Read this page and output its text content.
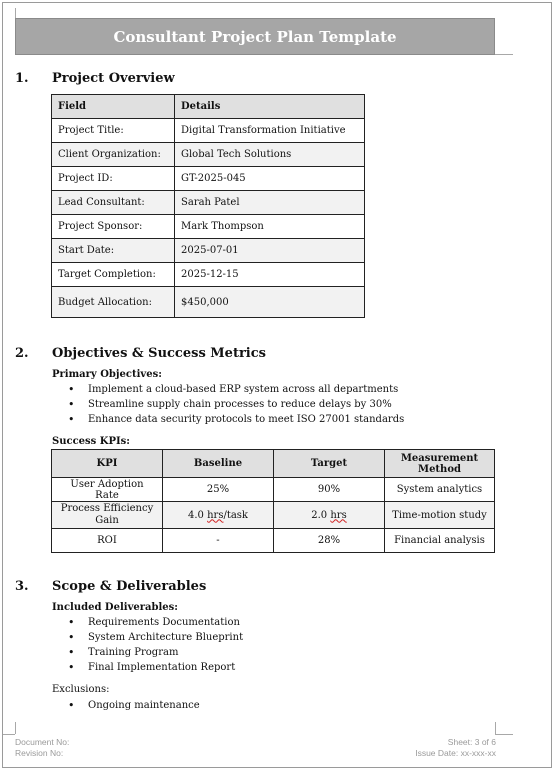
Consultant Project Plan Template
1. Project Overview
Field	Details
Project Title:	Digital Transformation Initiative
Client Organization:	Global Tech Solutions
Project ID:	GT-2025-045
Lead Consultant:	Sarah Patel
Project Sponsor:	Mark Thompson
Start Date:	2025-07-01
Target Completion:	2025-12-15
Budget Allocation:	$450,000
2. Objectives & Success Metrics
Primary Objectives:
• Implement a cloud-based ERP system across all departments
• Streamline supply chain processes to reduce delays by 30%
• Enhance data security protocols to meet ISO 27001 standards
Success KPIs:
KPI	Baseline	Target	Measurement Method
User Adoption Rate	25%	90%	System analytics
Process Efficiency Gain	4.0 hrs/task	2.0 hrs	Time-motion study
ROI	-	28%	Financial analysis
3. Scope & Deliverables
Included Deliverables:
• Requirements Documentation
• System Architecture Blueprint
• Training Program
• Final Implementation Report
Exclusions:
• Ongoing maintenance
Document No:
Revision No:
Sheet: 3 of 6
Issue Date: xx-xxx-xx
